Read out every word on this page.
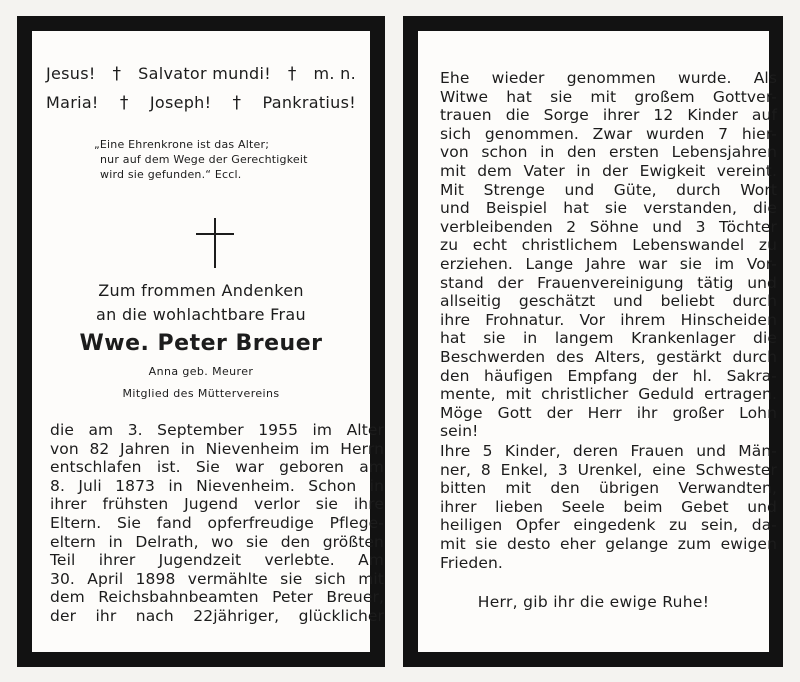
Jesus! † Salvator mundi! † m. n.
Maria! † Joseph! † Pankratius!
„Eine Ehrenkrone ist das Alter;
nur auf dem Wege der Gerechtigkeit
wird sie gefunden.“ Eccl.
Zum frommen Andenken
an die wohlachtbare Frau
Wwe. Peter Breuer
Anna geb. Meurer
Mitglied des Müttervereins
die am 3. September 1955 im Alter
von 82 Jahren in Nievenheim im Herrn
entschlafen ist. Sie war geboren am
8. Juli 1873 in Nievenheim. Schon in
ihrer frühsten Jugend verlor sie ihre
Eltern. Sie fand opferfreudige Pflege-
eltern in Delrath, wo sie den größten
Teil ihrer Jugendzeit verlebte. Am
30. April 1898 vermählte sie sich mit
dem Reichsbahnbeamten Peter Breuer,
der ihr nach 22jähriger, glücklicher
Ehe wieder genommen wurde. Als
Witwe hat sie mit großem Gottver-
trauen die Sorge ihrer 12 Kinder auf
sich genommen. Zwar wurden 7 hier-
von schon in den ersten Lebensjahren
mit dem Vater in der Ewigkeit vereint.
Mit Strenge und Güte, durch Wort
und Beispiel hat sie verstanden, die
verbleibenden 2 Söhne und 3 Töchter
zu echt christlichem Lebenswandel zu
erziehen. Lange Jahre war sie im Vor-
stand der Frauenvereinigung tätig und
allseitig geschätzt und beliebt durch
ihre Frohnatur. Vor ihrem Hinscheiden
hat sie in langem Krankenlager die
Beschwerden des Alters, gestärkt durch
den häufigen Empfang der hl. Sakra-
mente, mit christlicher Geduld ertragen.
Möge Gott der Herr ihr großer Lohn
sein!
Ihre 5 Kinder, deren Frauen und Män-
ner, 8 Enkel, 3 Urenkel, eine Schwester
bitten mit den übrigen Verwandten,
ihrer lieben Seele beim Gebet und
heiligen Opfer eingedenk zu sein, da-
mit sie desto eher gelange zum ewigen
Frieden.
Herr, gib ihr die ewige Ruhe!
